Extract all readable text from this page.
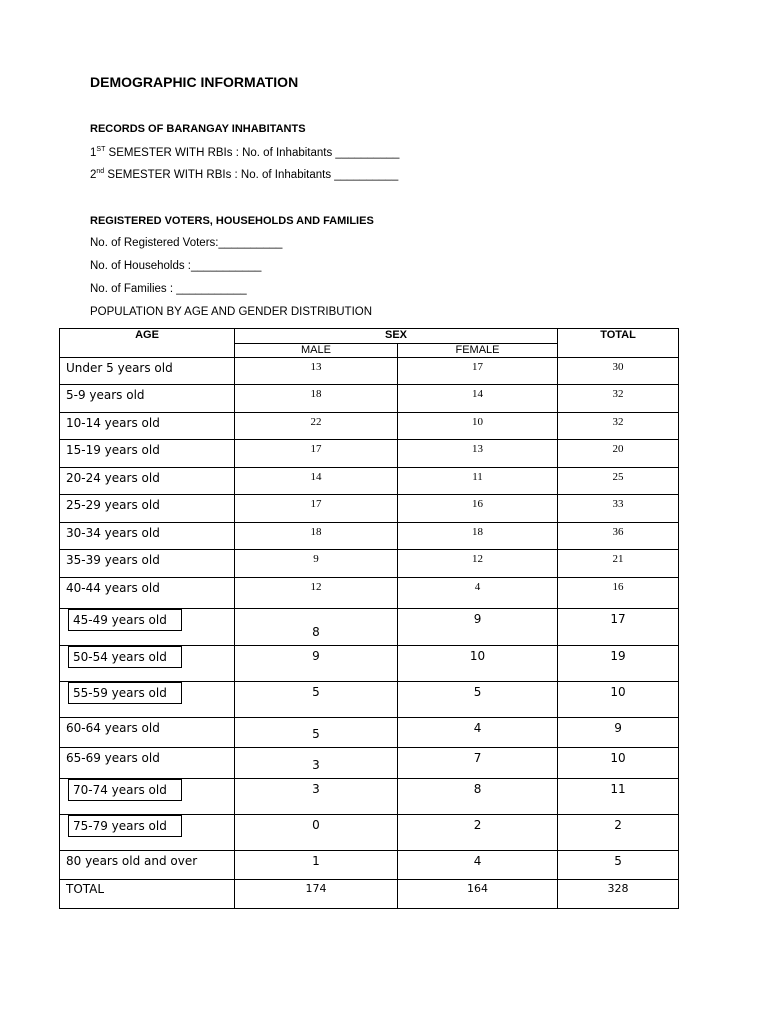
DEMOGRAPHIC INFORMATION
RECORDS OF BARANGAY INHABITANTS
1ST SEMESTER WITH RBIs : No. of Inhabitants __________
2nd SEMESTER WITH RBIs : No. of Inhabitants __________
REGISTERED VOTERS, HOUSEHOLDS AND FAMILIES
No. of Registered Voters:__________
No. of Households :___________
No. of Families : ___________
POPULATION BY AGE AND GENDER DISTRIBUTION
AGE	SEX		TOTAL
	MALE	FEMALE	
Under 5 years old	13	17	30
5-9 years old	18	14	32
10-14 years old	22	10	32
15-19 years old	17	13	20
20-24 years old	14	11	25
25-29 years old	17	16	33
30-34 years old	18	18	36
35-39 years old	9	12	21
40-44 years old	12	4	16
45-49 years old	8	9	17
50-54 years old	9	10	19
55-59 years old	5	5	10
60-64 years old	5	4	9
65-69 years old	3	7	10
70-74 years old	3	8	11
75-79 years old	0	2	2
80 years old and over	1	4	5
TOTAL	174	164	328
